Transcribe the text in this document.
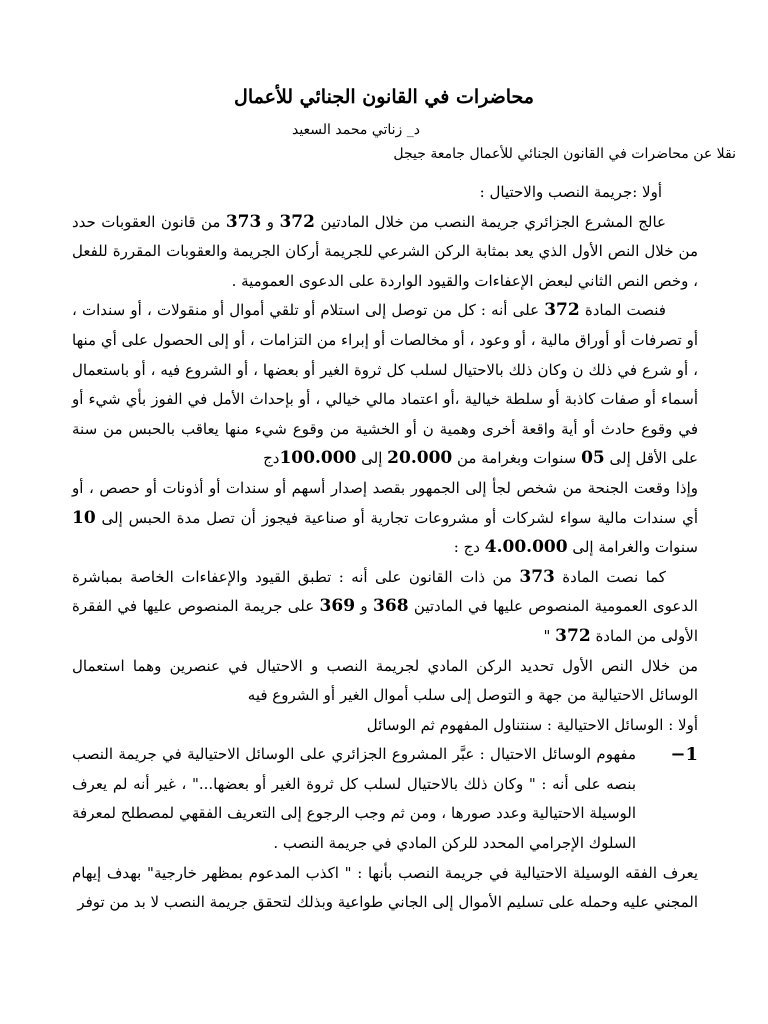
محاضرات في القانون الجنائي للأعمال
د_ زناتي محمد السعيد
نقلا عن محاضرات في القانون الجنائي للأعمال جامعة جيجل

أولا :جريمة النصب والاحتيال :

عالج المشرع الجزائري جريمة النصب من خلال المادتين 372 و 373 من قانون العقوبات حدد من خلال النص الأول الذي يعد بمثابة الركن الشرعي للجريمة أركان الجريمة والعقوبات المقررة للفعل ، وخص النص الثاني لبعض الإعفاءات والقيود الواردة على الدعوى العمومية .

فنصت المادة 372 على أنه : كل من توصل إلى استلام أو تلقي أموال أو منقولات ، أو سندات ، أو تصرفات أو أوراق مالية ، أو وعود ، أو مخالصات أو إبراء من التزامات ، أو إلى الحصول على أي منها ، أو شرع في ذلك ن وكان ذلك بالاحتيال لسلب كل ثروة الغير أو بعضها ، أو الشروع فيه ، أو باستعمال أسماء أو صفات كاذبة أو سلطة خيالية ،أو اعتماد مالي خيالي ، أو بإحداث الأمل في الفوز بأي شيء أو في وقوع حادث أو أية واقعة أخرى وهمية ن أو الخشية من وقوع شيء منها يعاقب بالحبس من سنة على الأقل إلى 05 سنوات وبغرامة من 20.000 إلى 100.000دج

وإذا وقعت الجنحة من شخص لجأ إلى الجمهور بقصد إصدار أسهم أو سندات أو أذونات أو حصص ، أو أي سندات مالية سواء لشركات أو مشروعات تجارية أو صناعية فيجوز أن تصل مدة الحبس إلى 10 سنوات والغرامة إلى 4.00.000 دج :

كما نصت المادة 373 من ذات القانون على أنه : تطبق القيود والإعفاءات الخاصة بمباشرة الدعوى العمومية المنصوص عليها في المادتين 368 و 369 على جريمة المنصوص عليها في الفقرة الأولى من المادة 372 "

من خلال النص الأول تحديد الركن المادي لجريمة النصب و الاحتيال في عنصرين وهما استعمال الوسائل الاحتيالية من جهة و التوصل إلى سلب أموال الغير أو الشروع فيه

أولا : الوسائل الاحتيالية : سنتناول المفهوم ثم الوسائل

1−
مفهوم الوسائل الاحتيال : عبَّر المشروع الجزائري على الوسائل الاحتيالية في جريمة النصب بنصه على أنه : " وكان ذلك بالاحتيال لسلب كل ثروة الغير أو بعضها..." ، غير أنه لم يعرف الوسيلة الاحتيالية وعدد صورها ، ومن ثم وجب الرجوع إلى التعريف الفقهي لمصطلح لمعرفة السلوك الإجرامي المحدد للركن المادي في جريمة النصب .

يعرف الفقه الوسيلة الاحتيالية في جريمة النصب بأنها : " اكذب المدعوم بمظهر خارجية" بهدف إيهام المجني عليه وحمله على تسليم الأموال إلى الجاني طواعية وبذلك لتحقق جريمة النصب لا بد من توفر
